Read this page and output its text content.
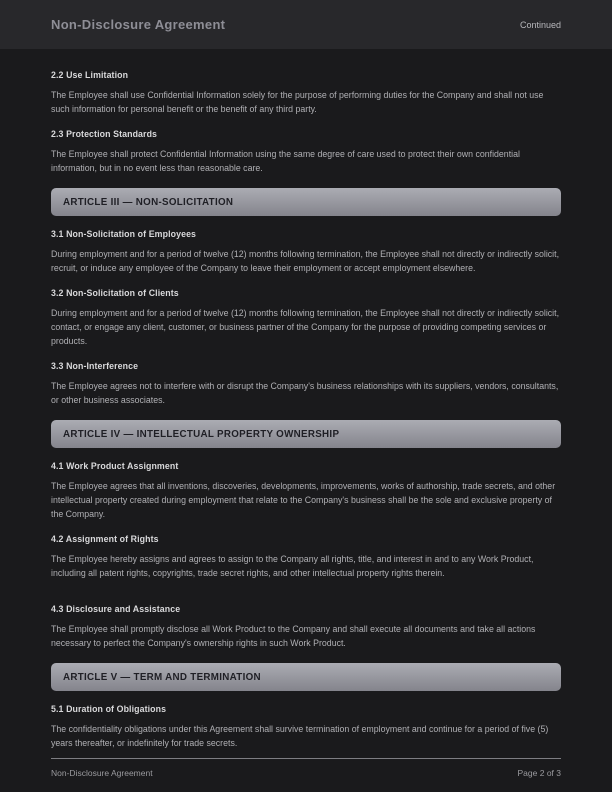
Non-Disclosure Agreement	Continued
2.2 Use Limitation

The Employee shall use Confidential Information solely for the purpose of performing duties for the Company and shall not use such information for personal benefit or the benefit of any third party.

2.3 Protection Standards

The Employee shall protect Confidential Information using the same degree of care used to protect their own confidential information, but in no event less than reasonable care.

ARTICLE III — NON-SOLICITATION
3.1 Non-Solicitation of Employees

During employment and for a period of twelve (12) months following termination, the Employee shall not directly or indirectly solicit, recruit, or induce any employee of the Company to leave their employment or accept employment elsewhere.

3.2 Non-Solicitation of Clients

During employment and for a period of twelve (12) months following termination, the Employee shall not directly or indirectly solicit, contact, or engage any client, customer, or business partner of the Company for the purpose of providing competing services or products.

3.3 Non-Interference

The Employee agrees not to interfere with or disrupt the Company's business relationships with its suppliers, vendors, consultants, or other business associates.

ARTICLE IV — INTELLECTUAL PROPERTY OWNERSHIP
4.1 Work Product Assignment

The Employee agrees that all inventions, discoveries, developments, improvements, works of authorship, trade secrets, and other intellectual property created during employment that relate to the Company's business shall be the sole and exclusive property of the Company.

4.2 Assignment of Rights

The Employee hereby assigns and agrees to assign to the Company all rights, title, and interest in and to any Work Product, including all patent rights, copyrights, trade secret rights, and other intellectual property rights therein.

4.3 Disclosure and Assistance

The Employee shall promptly disclose all Work Product to the Company and shall execute all documents and take all actions necessary to perfect the Company's ownership rights in such Work Product.

ARTICLE V — TERM AND TERMINATION
5.1 Duration of Obligations

The confidentiality obligations under this Agreement shall survive termination of employment and continue for a period of five (5) years thereafter, or indefinitely for trade secrets.

Non-Disclosure Agreement	Page 2 of 3
